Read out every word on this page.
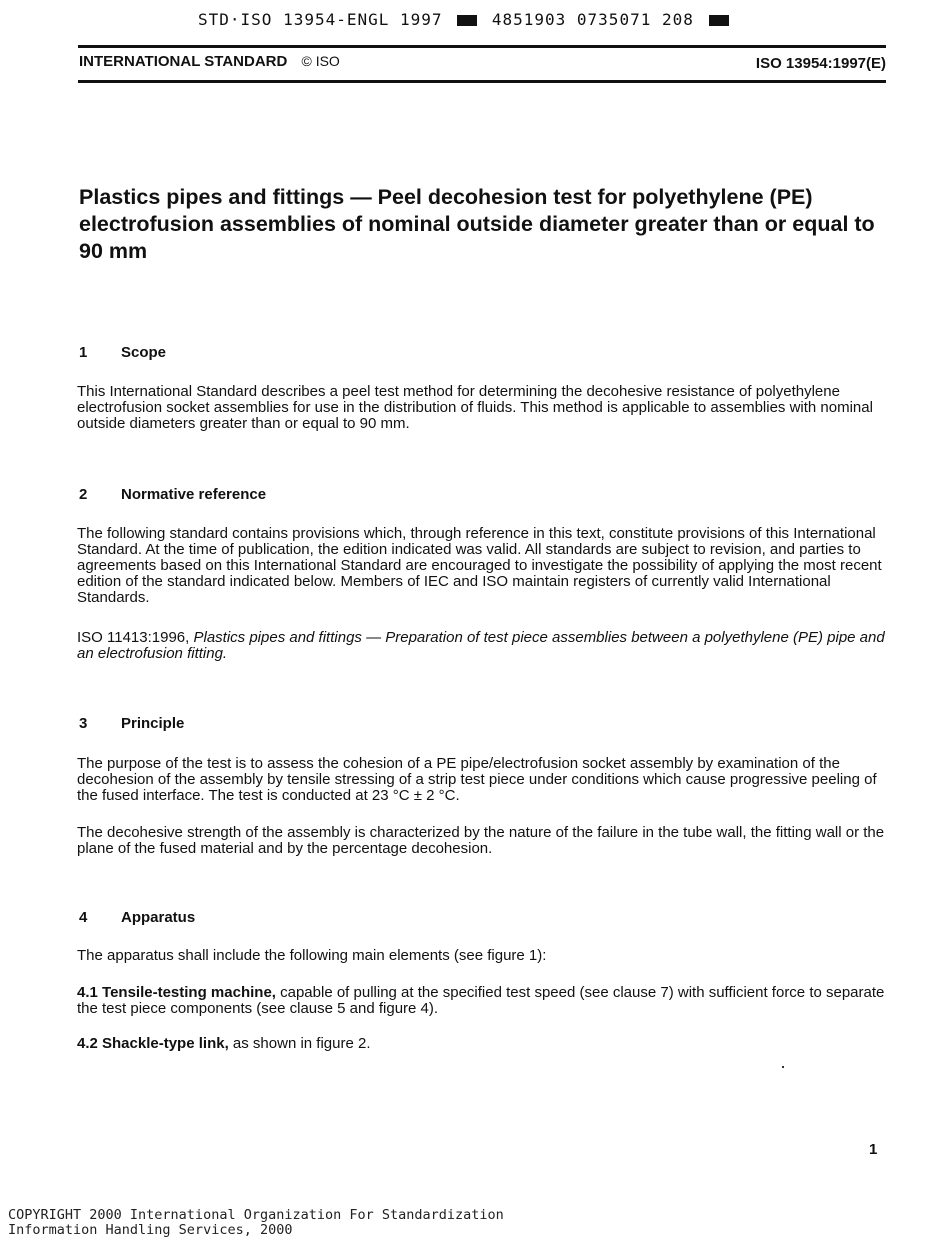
STD·ISO 13954-ENGL 1997	4851903 0735071 208
INTERNATIONAL STANDARD © ISO	ISO 13954:1997(E)
Plastics pipes and fittings — Peel decohesion test for polyethylene (PE) electrofusion assemblies of nominal outside diameter greater than or equal to 90 mm
1 Scope

This International Standard describes a peel test method for determining the decohesive resistance of polyethylene electrofusion socket assemblies for use in the distribution of fluids. This method is applicable to assemblies with nominal outside diameters greater than or equal to 90 mm.

2 Normative reference

The following standard contains provisions which, through reference in this text, constitute provisions of this International Standard. At the time of publication, the edition indicated was valid. All standards are subject to revision, and parties to agreements based on this International Standard are encouraged to investigate the possibility of applying the most recent edition of the standard indicated below. Members of IEC and ISO maintain registers of currently valid International Standards.

ISO 11413:1996, Plastics pipes and fittings — Preparation of test piece assemblies between a polyethylene (PE) pipe and an electrofusion fitting.

3 Principle

The purpose of the test is to assess the cohesion of a PE pipe/electrofusion socket assembly by examination of the decohesion of the assembly by tensile stressing of a strip test piece under conditions which cause progressive peeling of the fused interface. The test is conducted at 23 °C ± 2 °C.

The decohesive strength of the assembly is characterized by the nature of the failure in the tube wall, the fitting wall or the plane of the fused material and by the percentage decohesion.

4 Apparatus

The apparatus shall include the following main elements (see figure 1):

4.1 Tensile-testing machine, capable of pulling at the specified test speed (see clause 7) with sufficient force to separate the test piece components (see clause 5 and figure 4).

4.2 Shackle-type link, as shown in figure 2.

1
COPYRIGHT 2000 International Organization For Standardization
Information Handling Services, 2000
